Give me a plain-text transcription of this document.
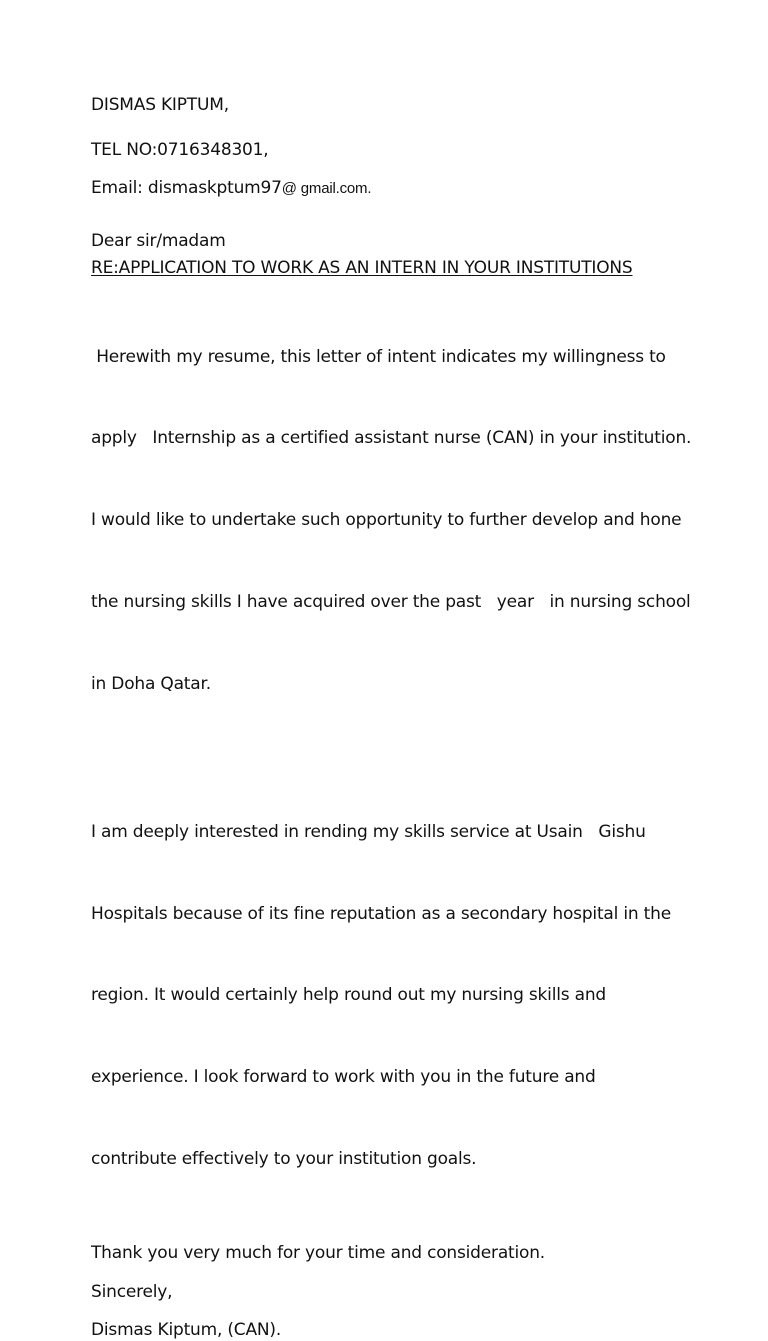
DISMAS KIPTUM,

TEL NO:0716348301,

Email: dismaskptum97@ gmail.com.

Dear sir/madam

RE:APPLICATION TO WORK AS AN INTERN IN YOUR INSTITUTIONS

Herewith my resume, this letter of intent indicates my willingness to

apply   Internship as a certified assistant nurse (CAN) in your institution.

I would like to undertake such opportunity to further develop and hone

the nursing skills I have acquired over the past   year   in nursing school

in Doha Qatar.

I am deeply interested in rending my skills service at Usain   Gishu

Hospitals because of its fine reputation as a secondary hospital in the

region. It would certainly help round out my nursing skills and

experience. I look forward to work with you in the future and

contribute effectively to your institution goals.

Thank you very much for your time and consideration.

Sincerely,

Dismas Kiptum, (CAN).
